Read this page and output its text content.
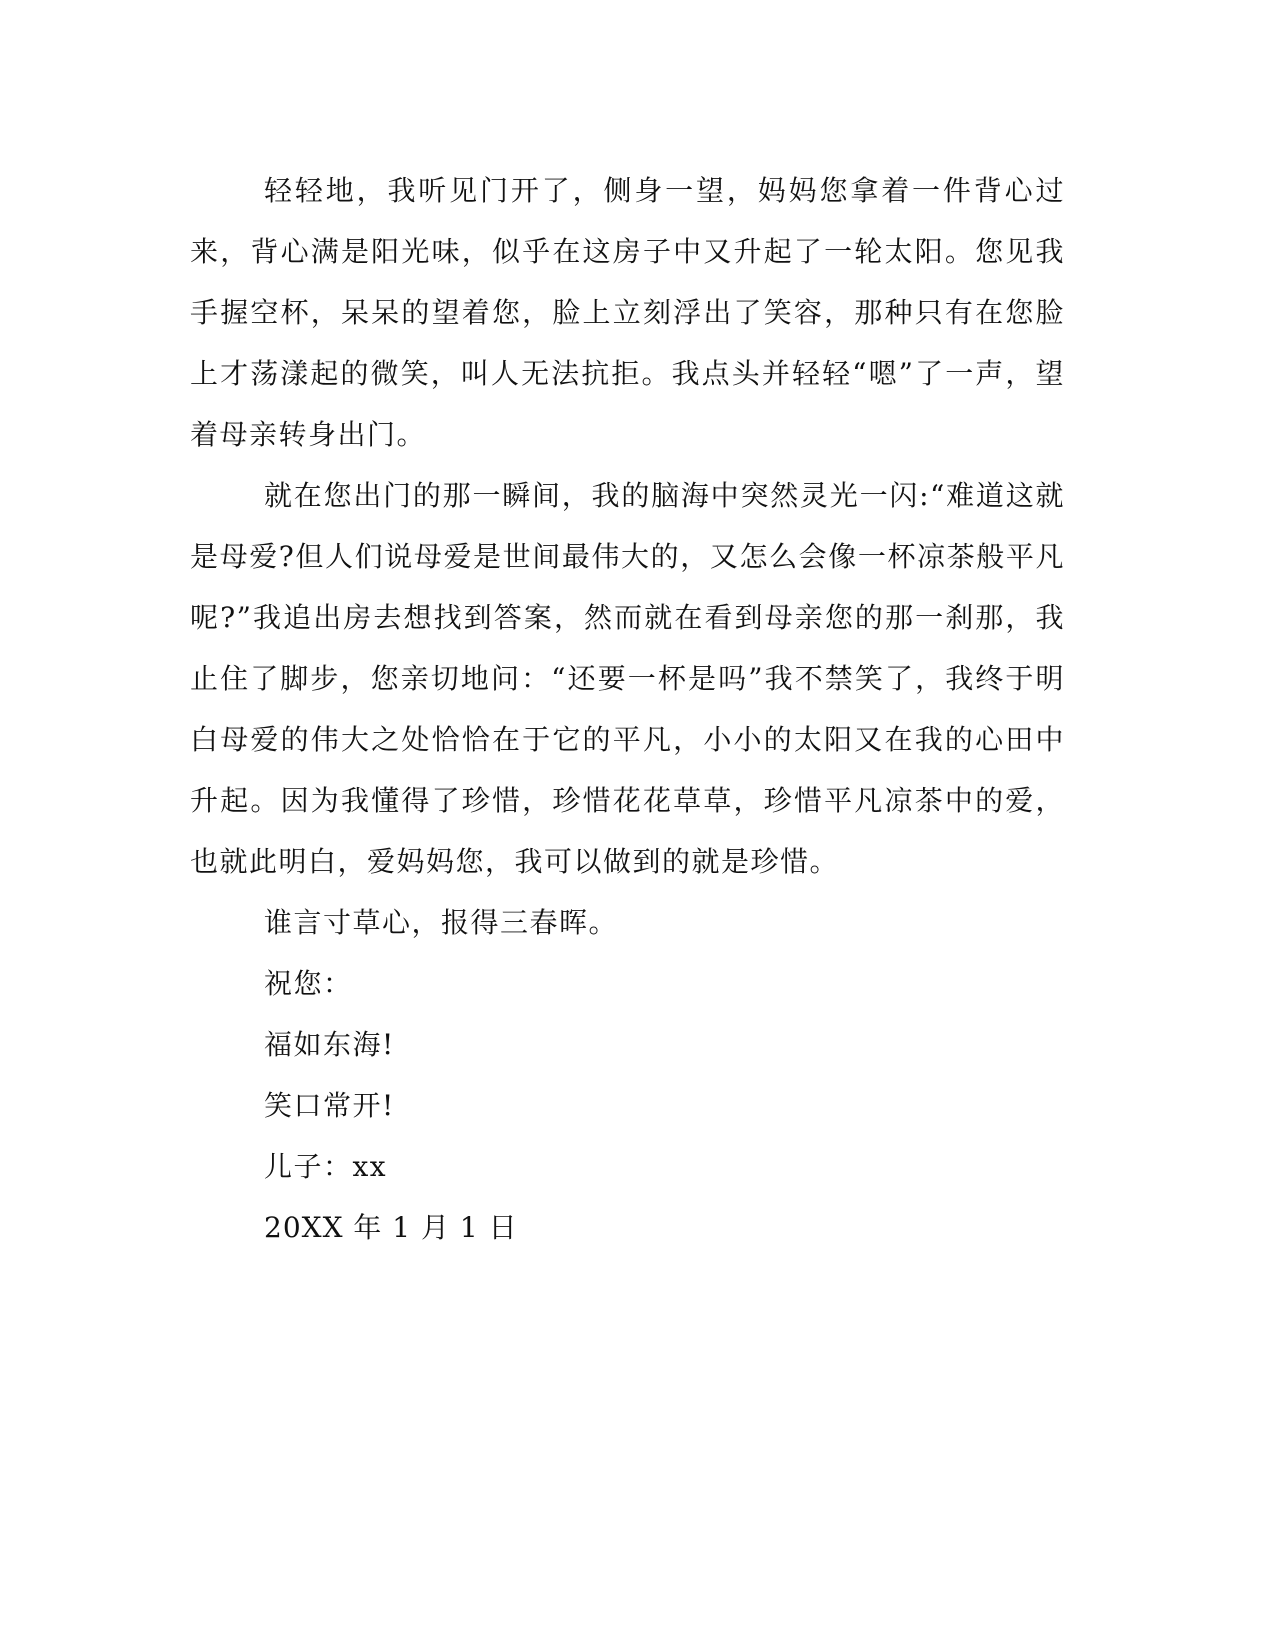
轻轻地，我听见门开了，侧身一望，妈妈您拿着一件背心过来，背心满是阳光味，似乎在这房子中又升起了一轮太阳。您见我手握空杯，呆呆的望着您，脸上立刻浮出了笑容，那种只有在您脸上才荡漾起的微笑，叫人无法抗拒。我点头并轻轻“嗯”了一声，望着母亲转身出门。

就在您出门的那一瞬间，我的脑海中突然灵光一闪:“难道这就是母爱?但人们说母爱是世间最伟大的，又怎么会像一杯凉茶般平凡呢?”我追出房去想找到答案，然而就在看到母亲您的那一刹那，我止住了脚步，您亲切地问：“还要一杯是吗”我不禁笑了，我终于明白母爱的伟大之处恰恰在于它的平凡，小小的太阳又在我的心田中升起。因为我懂得了珍惜，珍惜花花草草，珍惜平凡凉茶中的爱，也就此明白，爱妈妈您，我可以做到的就是珍惜。

谁言寸草心，报得三春晖。

祝您：

福如东海!

笑口常开!

儿子：xx

20XX 年 1 月 1 日
